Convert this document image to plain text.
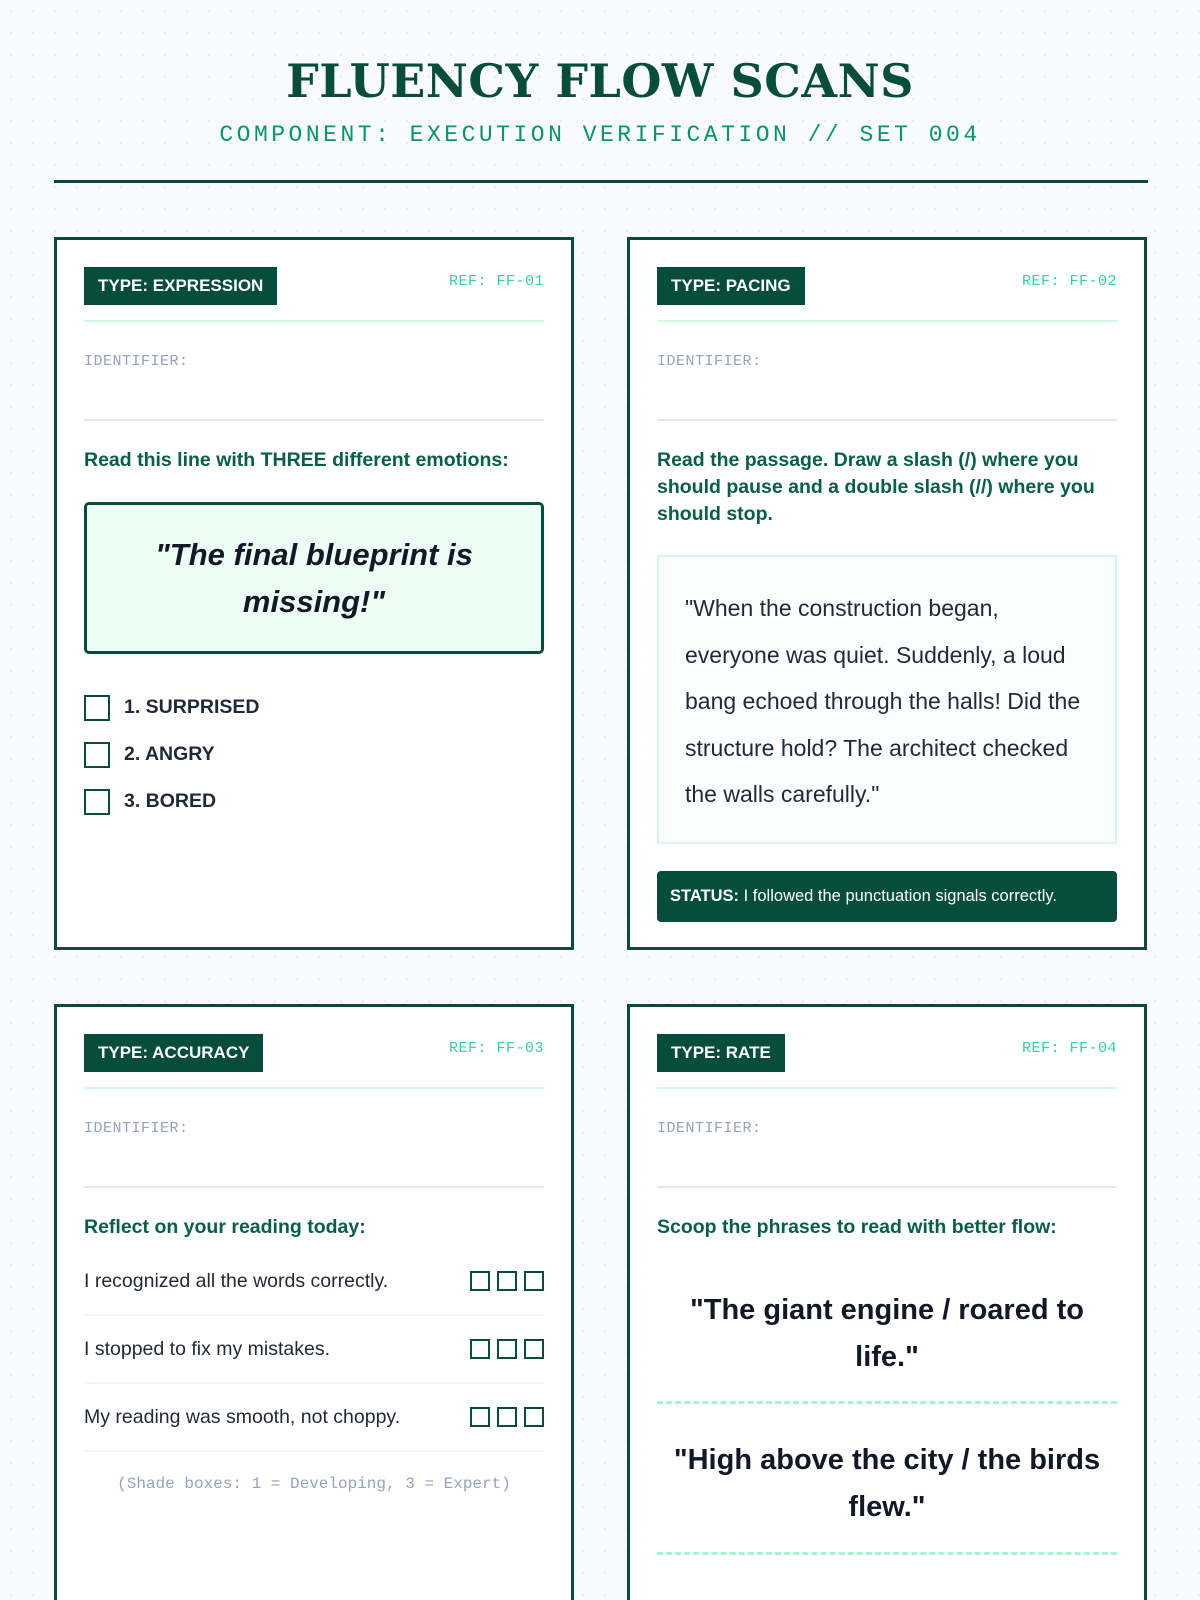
FLUENCY FLOW SCANS
COMPONENT: EXECUTION VERIFICATION // SET 004
TYPE: EXPRESSION	REF: FF-01
IDENTIFIER:
Read this line with THREE different emotions:
"The final blueprint is missing!"
1. SURPRISED
2. ANGRY
3. BORED
TYPE: PACING	REF: FF-02
IDENTIFIER:
Read the passage. Draw a slash (/) where you should pause and a double slash (//) where you should stop.
"When the construction began, everyone was quiet. Suddenly, a loud bang echoed through the halls! Did the structure hold? The architect checked the walls carefully."
STATUS: I followed the punctuation signals correctly.
TYPE: ACCURACY	REF: FF-03
IDENTIFIER:
Reflect on your reading today:
I recognized all the words correctly.
I stopped to fix my mistakes.
My reading was smooth, not choppy.
(Shade boxes: 1 = Developing, 3 = Expert)
TYPE: RATE	REF: FF-04
IDENTIFIER:
Scoop the phrases to read with better flow:
"The giant engine / roared to life."
"High above the city / the birds flew."
